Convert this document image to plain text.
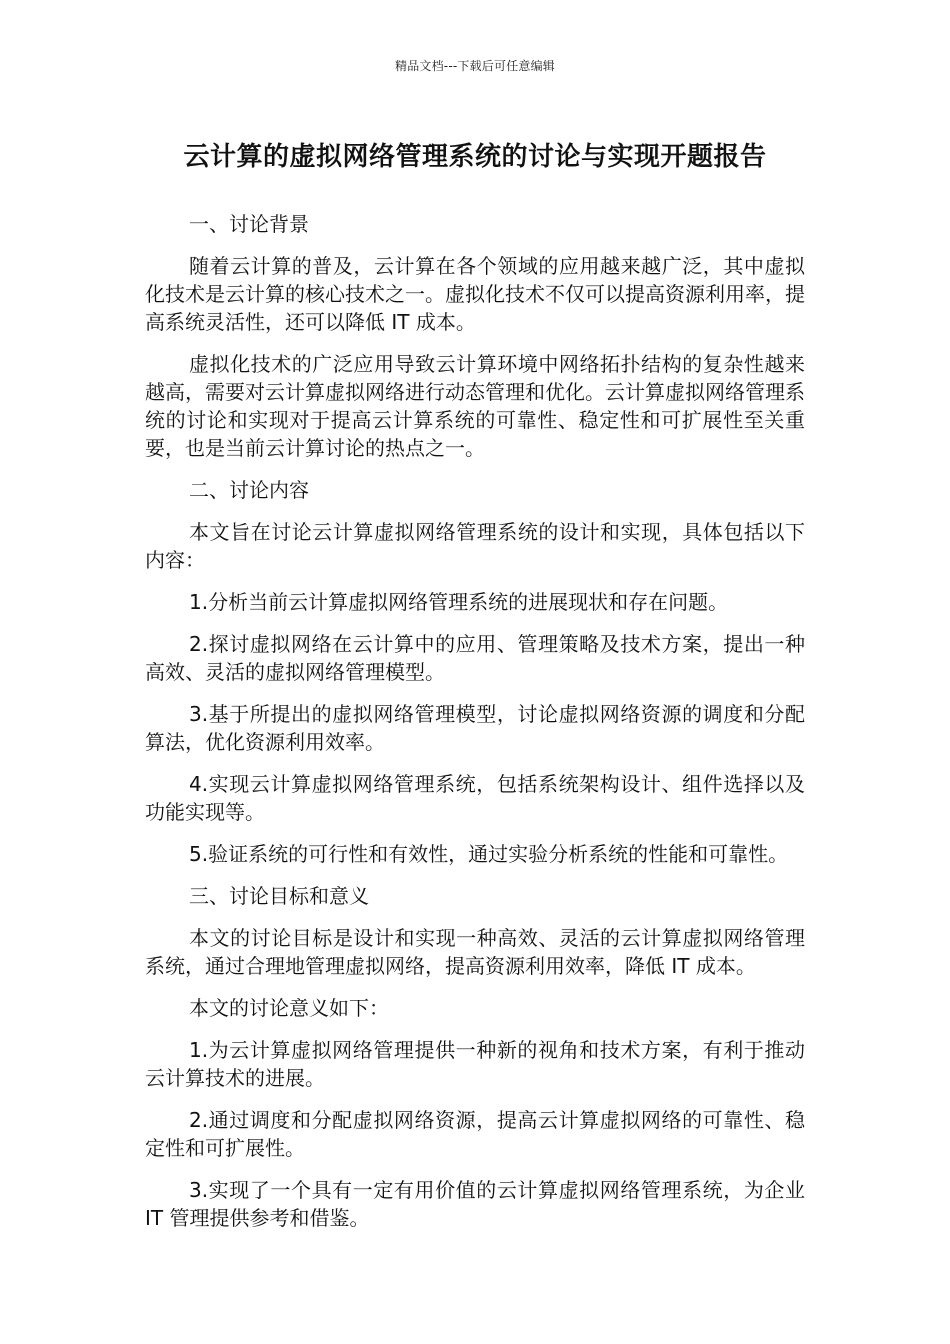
精品文档---下载后可任意编辑
云计算的虚拟网络管理系统的讨论与实现开题报告

一、讨论背景

随着云计算的普及，云计算在各个领域的应用越来越广泛，其中虚拟化技术是云计算的核心技术之一。虚拟化技术不仅可以提高资源利用率，提高系统灵活性，还可以降低 IT 成本。

虚拟化技术的广泛应用导致云计算环境中网络拓扑结构的复杂性越来越高，需要对云计算虚拟网络进行动态管理和优化。云计算虚拟网络管理系统的讨论和实现对于提高云计算系统的可靠性、稳定性和可扩展性至关重要，也是当前云计算讨论的热点之一。

二、讨论内容

本文旨在讨论云计算虚拟网络管理系统的设计和实现，具体包括以下内容：

1.分析当前云计算虚拟网络管理系统的进展现状和存在问题。

2.探讨虚拟网络在云计算中的应用、管理策略及技术方案，提出一种高效、灵活的虚拟网络管理模型。

3.基于所提出的虚拟网络管理模型，讨论虚拟网络资源的调度和分配算法，优化资源利用效率。

4.实现云计算虚拟网络管理系统，包括系统架构设计、组件选择以及功能实现等。

5.验证系统的可行性和有效性，通过实验分析系统的性能和可靠性。

三、讨论目标和意义

本文的讨论目标是设计和实现一种高效、灵活的云计算虚拟网络管理系统，通过合理地管理虚拟网络，提高资源利用效率，降低 IT 成本。

本文的讨论意义如下：

1.为云计算虚拟网络管理提供一种新的视角和技术方案，有利于推动云计算技术的进展。

2.通过调度和分配虚拟网络资源，提高云计算虚拟网络的可靠性、稳定性和可扩展性。

3.实现了一个具有一定有用价值的云计算虚拟网络管理系统，为企业 IT 管理提供参考和借鉴。
